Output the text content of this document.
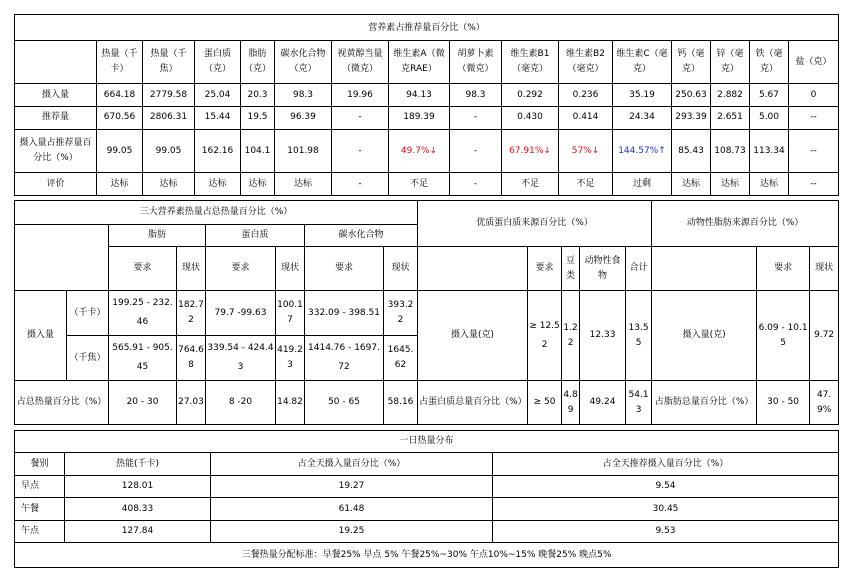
营养素占推荐量百分比（%）															
	热量（千卡）	热量（千焦）	蛋白质（克）	脂肪（克）	碳水化合物（克）	视黄醇当量（微克）	维生素A（微克RAE）	胡萝卜素（微克）	维生素B1（毫克）	维生素B2（毫克）	维生素C（毫克）	钙（毫克）	锌（毫克）	铁（毫克）	盐（克）
摄入量	664.18	2779.58	25.04	20.3	98.3	19.96	94.13	98.3	0.292	0.236	35.19	250.63	2.882	5.67	0
推荐量	670.56	2806.31	15.44	19.5	96.39	-	189.39	-	0.430	0.414	24.34	293.39	2.651	5.00	--
摄入量占推荐量百分比（%）	99.05	99.05	162.16	104.1	101.98	-	49.7%↓	-	67.91%↓	57%↓	144.57%↑	85.43	108.73	113.34	--
评价	达标	达标	达标	达标	达标	-	不足	-	不足	不足	过剩	达标	达标	达标	--
三大营养素热量占总热量百分比（%）								优质蛋白质来源百分比（%）					动物性脂肪来源百分比（%）		
		脂肪		蛋白质		碳水化合物									
		要求	现状	要求	现状	要求	现状		要求	豆类	动物性食物	合计		要求	现状
摄入量	（千卡）	199.25 - 232.46	182.72	79.7 -99.63	100.17	332.09 - 398.51	393.22	摄入量(克)	≥ 12.52	1.22	12.33	13.55	摄入量(克)	6.09 - 10.15	9.72
	（千焦）	565.91 - 905.45	764.68	339.54 - 424.43	419.23	1414.76 - 1697.72	1645.62								
占总热量百分比（%）		20 - 30	27.03	8 -20	14.82	50 - 65	58.16	占蛋白质总量百分比（%）	≥ 50	4.89	49.24	54.13	占脂肪总量百分比（%）	30 - 50	47.9%
一日热量分布			
餐别	热能(千卡)	占全天摄入量百分比（%）	占全天推荐摄入量百分比（%）
早点	128.01	19.27	9.54
午餐	408.33	61.48	30.45
午点	127.84	19.25	9.53
三餐热量分配标准：早餐25% 早点 5% 午餐25%~30% 午点10%~15% 晚餐25% 晚点5%			
